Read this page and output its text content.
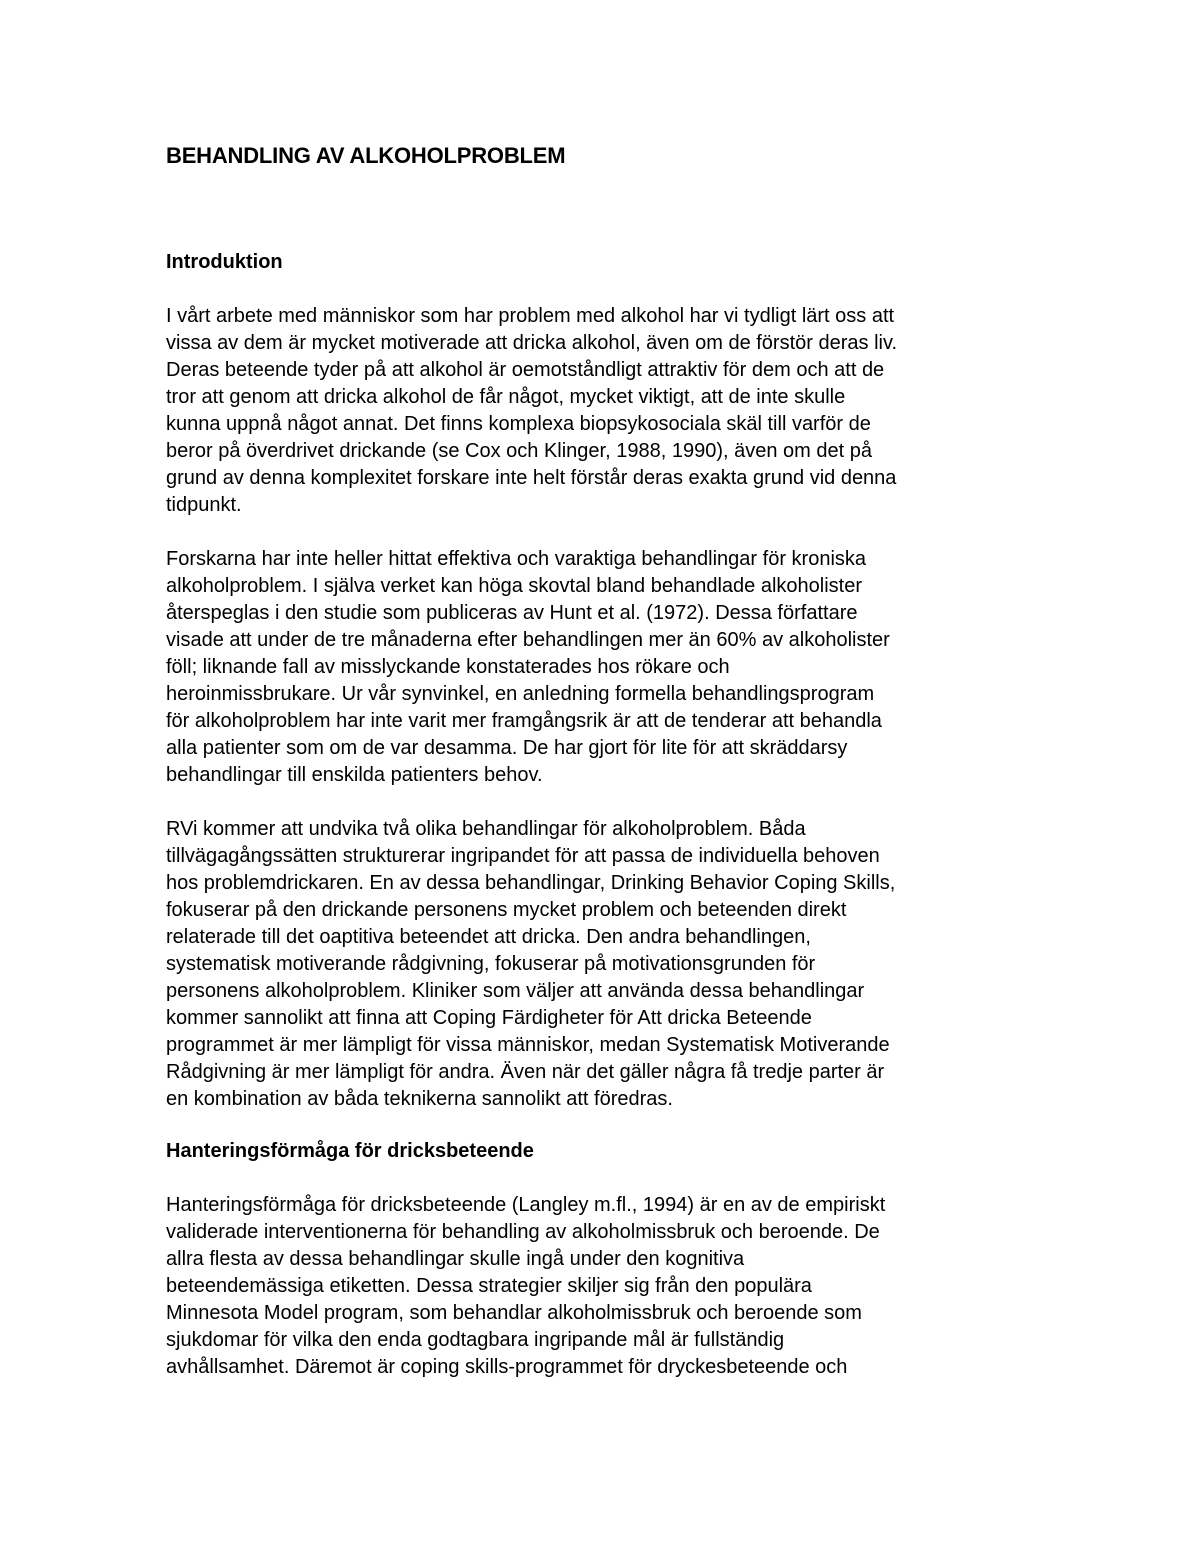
BEHANDLING AV ALKOHOLPROBLEM
Introduktion

I vårt arbete med människor som har problem med alkohol har vi tydligt lärt oss att
vissa av dem är mycket motiverade att dricka alkohol, även om de förstör deras liv.
Deras beteende tyder på att alkohol är oemotståndligt attraktiv för dem och att de
tror att genom att dricka alkohol de får något, mycket viktigt, att de inte skulle
kunna uppnå något annat. Det finns komplexa biopsykosociala skäl till varför de
beror på överdrivet drickande (se Cox och Klinger, 1988, 1990), även om det på
grund av denna komplexitet forskare inte helt förstår deras exakta grund vid denna
tidpunkt.

Forskarna har inte heller hittat effektiva och varaktiga behandlingar för kroniska
alkoholproblem. I själva verket kan höga skovtal bland behandlade alkoholister
återspeglas i den studie som publiceras av Hunt et al. (1972). Dessa författare
visade att under de tre månaderna efter behandlingen mer än 60% av alkoholister
föll; liknande fall av misslyckande konstaterades hos rökare och
heroinmissbrukare. Ur vår synvinkel, en anledning formella behandlingsprogram
för alkoholproblem har inte varit mer framgångsrik är att de tenderar att behandla
alla patienter som om de var desamma. De har gjort för lite för att skräddarsy
behandlingar till enskilda patienters behov.

RVi kommer att undvika två olika behandlingar för alkoholproblem. Båda
tillvägagångssätten strukturerar ingripandet för att passa de individuella behoven
hos problemdrickaren. En av dessa behandlingar, Drinking Behavior Coping Skills,
fokuserar på den drickande personens mycket problem och beteenden direkt
relaterade till det oaptitiva beteendet att dricka. Den andra behandlingen,
systematisk motiverande rådgivning, fokuserar på motivationsgrunden för
personens alkoholproblem. Kliniker som väljer att använda dessa behandlingar
kommer sannolikt att finna att Coping Färdigheter för Att dricka Beteende
programmet är mer lämpligt för vissa människor, medan Systematisk Motiverande
Rådgivning är mer lämpligt för andra. Även när det gäller några få tredje parter är
en kombination av båda teknikerna sannolikt att föredras.

Hanteringsförmåga för dricksbeteende

Hanteringsförmåga för dricksbeteende (Langley m.fl., 1994) är en av de empiriskt
validerade interventionerna för behandling av alkoholmissbruk och beroende. De
allra flesta av dessa behandlingar skulle ingå under den kognitiva
beteendemässiga etiketten. Dessa strategier skiljer sig från den populära
Minnesota Model program, som behandlar alkoholmissbruk och beroende som
sjukdomar för vilka den enda godtagbara ingripande mål är fullständig
avhållsamhet. Däremot är coping skills-programmet för dryckesbeteende och
